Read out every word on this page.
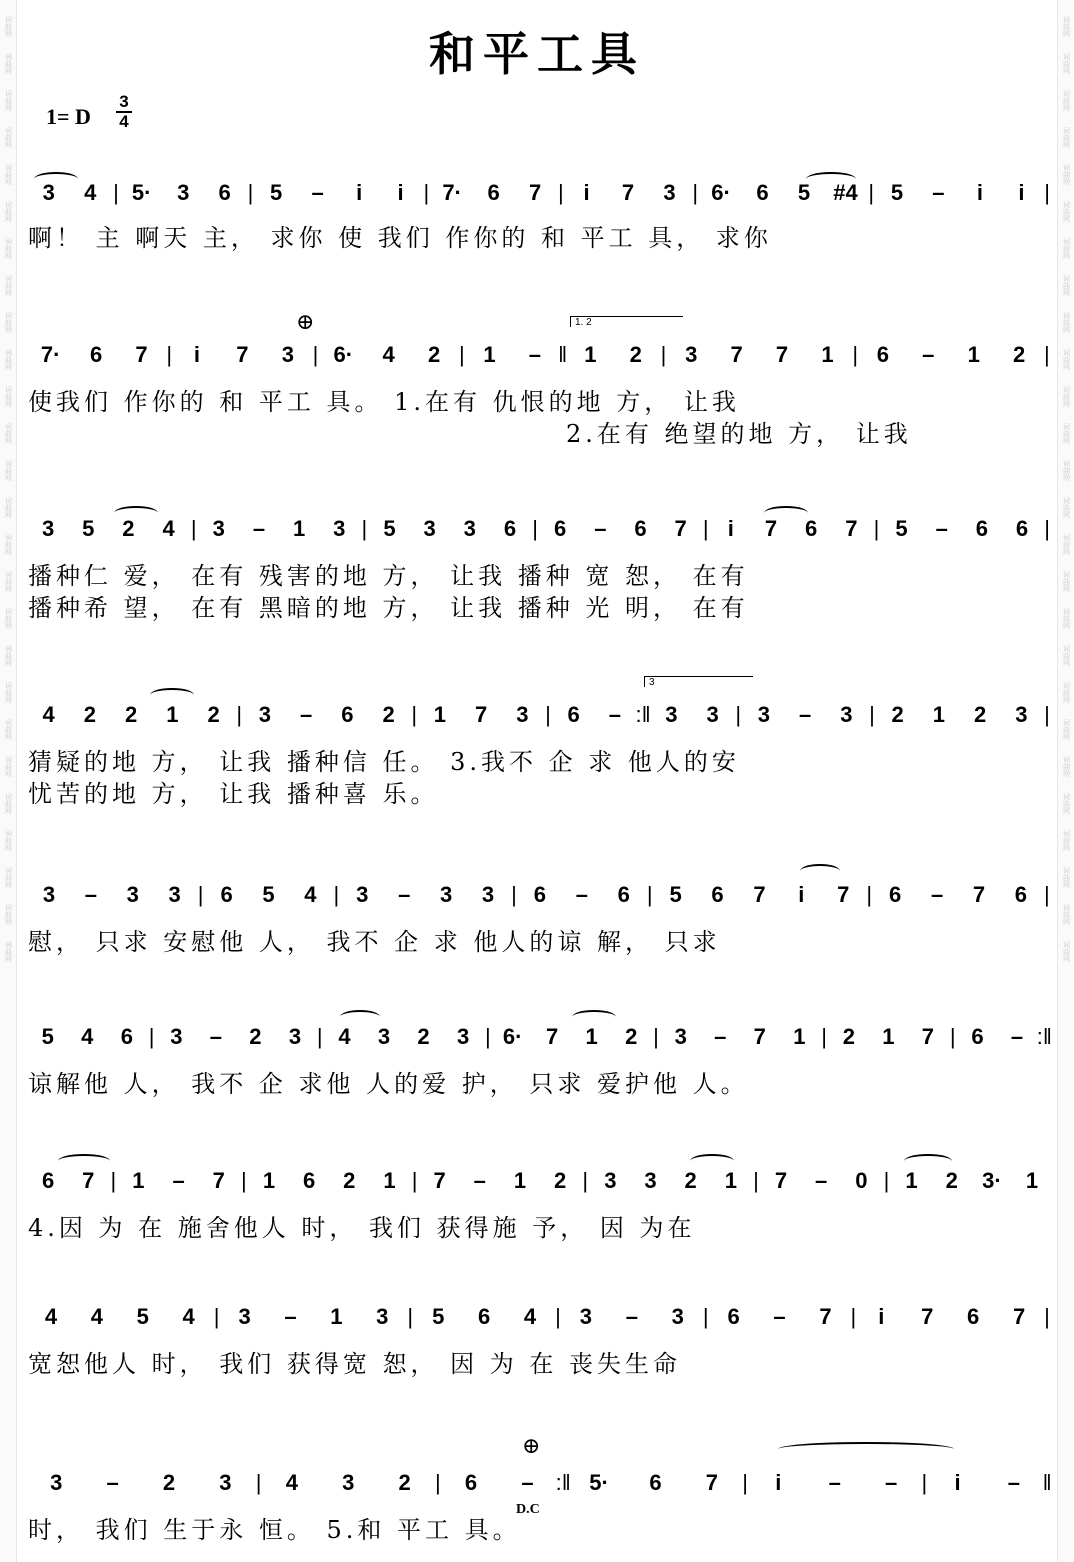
词曲网
词曲网
词曲网
词曲网
词曲网
词曲网
词曲网
词曲网
词曲网
词曲网
词曲网
词曲网
词曲网
词曲网
词曲网
词曲网
词曲网
词曲网
词曲网
词曲网
词曲网
词曲网
词曲网
词曲网
词曲网
词曲网
词曲网
词曲网
词曲网
词曲网
词曲网
词曲网
词曲网
词曲网
词曲网
词曲网
词曲网
词曲网
词曲网
词曲网
词曲网
词曲网
词曲网
词曲网
词曲网
词曲网
词曲网
词曲网
词曲网
词曲网
词曲网
词曲网
和平工具
1= D
3
4
3	4 | 5·	3	6 | 5	–	i	i | 7·	6	7 | i	7	3 | 6·	6	5	#4 | 5	–	i	i |
啊！ 主 啊天 主， 求你 使 我们 作你的 和 平工 具， 求你
⊕	1. 2
7·	6	7 | i	7	3 | 6·	4	2 | 1	– ‖ 1	2 | 3	7	7	1 | 6	–	1	2 |
使我们 作你的 和 平工 具。 1.在有 仇恨的地 方， 让我
2.在有 绝望的地 方， 让我
3	5	2	4 | 3	–	1	3 | 5	3	3	6 | 6	–	6	7 | i	7	6	7 | 5	–	6	6 |
播种仁 爱， 在有 残害的地 方， 让我 播种 宽 恕， 在有
播种希 望， 在有 黑暗的地 方， 让我 播种 光 明， 在有
3
4	2	2	1	2 | 3	–	6	2 | 1	7	3 | 6	– :‖ 3	3 | 3	–	3 | 2	1	2	3 |
猜疑的地 方， 让我 播种信 任。 3.我不 企 求 他人的安
忧苦的地 方， 让我 播种喜 乐。
3	–	3	3 | 6	5	4 | 3	–	3	3 | 6	–	6 | 5	6	7	i	7 | 6	–	7	6 |
慰， 只求 安慰他 人， 我不 企 求 他人的谅 解， 只求
5	4	6 | 3	–	2	3 | 4	3	2	3 | 6·	7	1	2 | 3	–	7	1 | 2	1	7 | 6	– :‖
谅解他 人， 我不 企 求他 人的爱 护， 只求 爱护他 人。
6	7 | 1	–	7 | 1	6	2	1 | 7	–	1	2 | 3	3	2	1 | 7	–	0 | 1	2	3·	1
4.因 为 在 施舍他人 时， 我们 获得施 予， 因 为在
4	4	5	4 | 3	–	1	3 | 5	6	4 | 3	–	3 | 6	–	7 |	i	7	6	7 |
宽恕他人 时， 我们 获得宽 恕， 因 为 在 丧失生命
⊕
3	–	2	3	|	4	3	2	|	6	–	:‖ 5·	6	7	|	i	–	–	|	i	–	‖
D.C
时， 我们 生于永 恒。 5.和 平工 具。
